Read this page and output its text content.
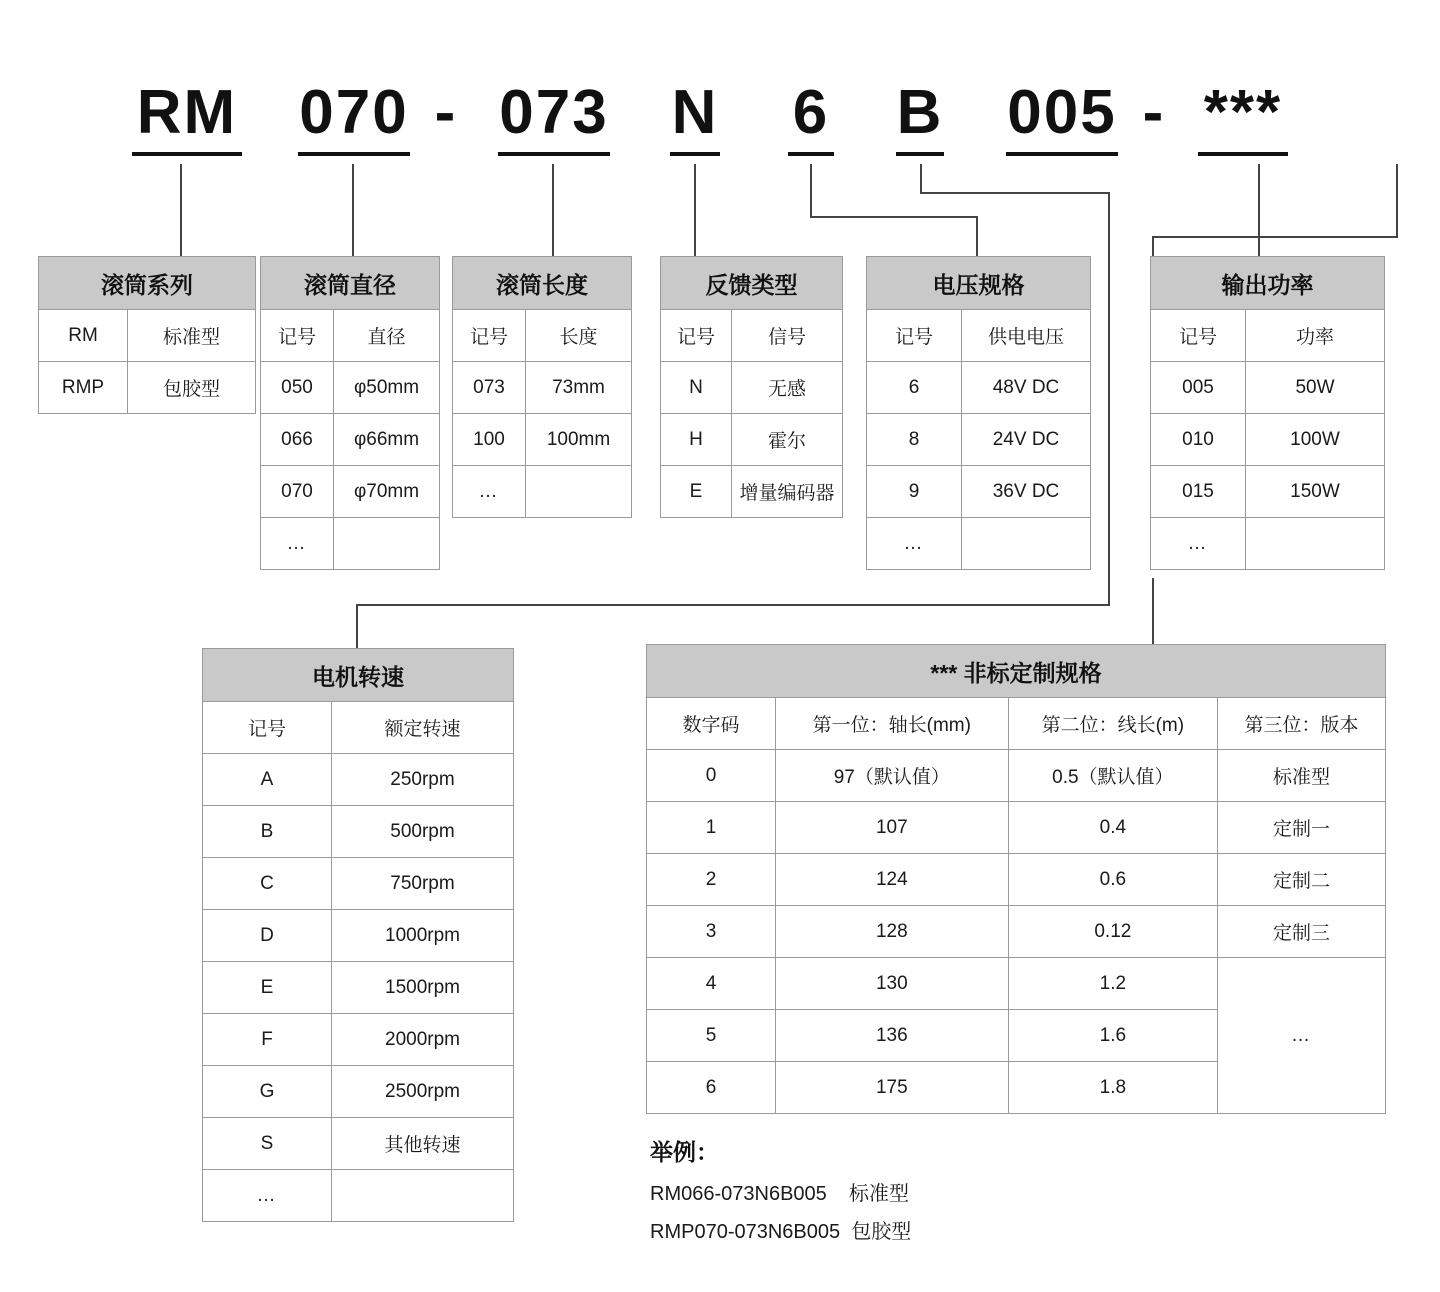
RM 070 - 073 N 6 B 005 - ***
滚筒系列	
RM	标准型
RMP	包胶型
滚筒直径	
记号	直径
050	φ50mm
066	φ66mm
070	φ70mm
…	
滚筒长度	
记号	长度
073	73mm
100	100mm
…	
反馈类型	
记号	信号
N	无感
H	霍尔
E	增量编码器
电压规格	
记号	供电电压
6	48V DC
8	24V DC
9	36V DC
…	
输出功率	
记号	功率
005	50W
010	100W
015	150W
…	
电机转速	
记号	额定转速
A	250rpm
B	500rpm
C	750rpm
D	1000rpm
E	1500rpm
F	2000rpm
G	2500rpm
S	其他转速
…	
*** 非标定制规格			
数字码	第一位：轴长(mm)	第二位：线长(m)	第三位：版本
0	97（默认值）	0.5（默认值）	标准型
1	107	0.4	定制一
2	124	0.6	定制二
3	128	0.12	定制三
4	130	1.2	…
5	136	1.6	
6	175	1.8	
举例：
RM066-073N6B005    标准型
RMP070-073N6B005  包胶型
